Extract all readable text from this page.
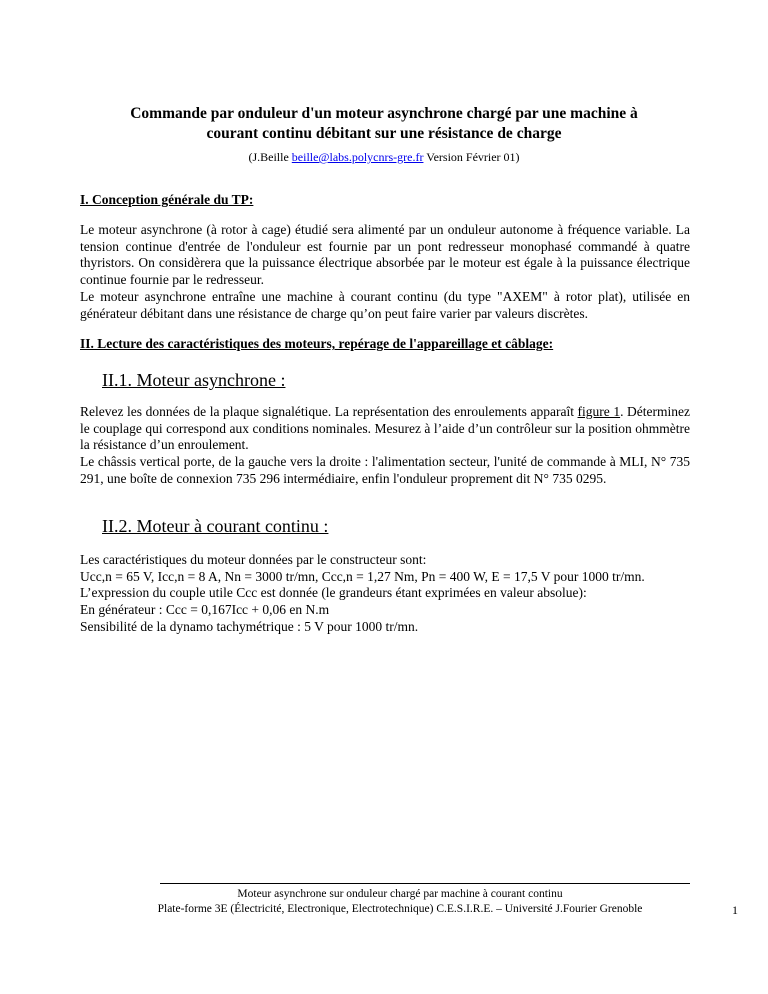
Commande par onduleur d'un moteur asynchrone chargé par une machine à
courant continu débitant sur une résistance de charge
(J.Beille beille@labs.polycnrs-gre.fr Version Février 01)
I. Conception générale du TP:

Le moteur asynchrone (à rotor à cage) étudié sera alimenté par un onduleur autonome à fréquence variable. La tension continue d'entrée de l'onduleur est fournie par un pont redresseur monophasé commandé à quatre thyristors. On considèrera que la puissance électrique absorbée par le moteur est égale à la puissance électrique continue fournie par le redresseur.

Le moteur asynchrone entraîne une machine à courant continu (du type "AXEM" à rotor plat), utilisée en générateur débitant dans une résistance de charge qu’on peut faire varier par valeurs discrètes.

II. Lecture des caractéristiques des moteurs, repérage de l'appareillage et câblage:
II.1. Moteur asynchrone :

Relevez les données de la plaque signalétique. La représentation des enroulements apparaît figure 1. Déterminez le couplage qui correspond aux conditions nominales. Mesurez à l’aide d’un contrôleur sur la position ohmmètre la résistance d’un enroulement.

Le châssis vertical porte, de la gauche vers la droite : l'alimentation secteur, l'unité de commande à MLI, N° 735 291, une boîte de connexion 735 296 intermédiaire, enfin l'onduleur proprement dit N° 735 0295.

II.2. Moteur à courant continu :

Les caractéristiques du moteur données par le constructeur sont:

Ucc,n = 65 V, Icc,n = 8 A, Nn = 3000 tr/mn, Ccc,n = 1,27 Nm, Pn = 400 W, E = 17,5 V pour 1000 tr/mn.

L’expression du couple utile Ccc est donnée (le grandeurs étant exprimées en valeur absolue):

En générateur : Ccc = 0,167Icc + 0,06 en N.m

Sensibilité de la dynamo tachymétrique : 5 V pour 1000 tr/mn.

Moteur asynchrone sur onduleur chargé par machine à courant continu
Plate-forme 3E (Électricité, Electronique, Electrotechnique) C.E.S.I.R.E. – Université J.Fourier Grenoble	1
